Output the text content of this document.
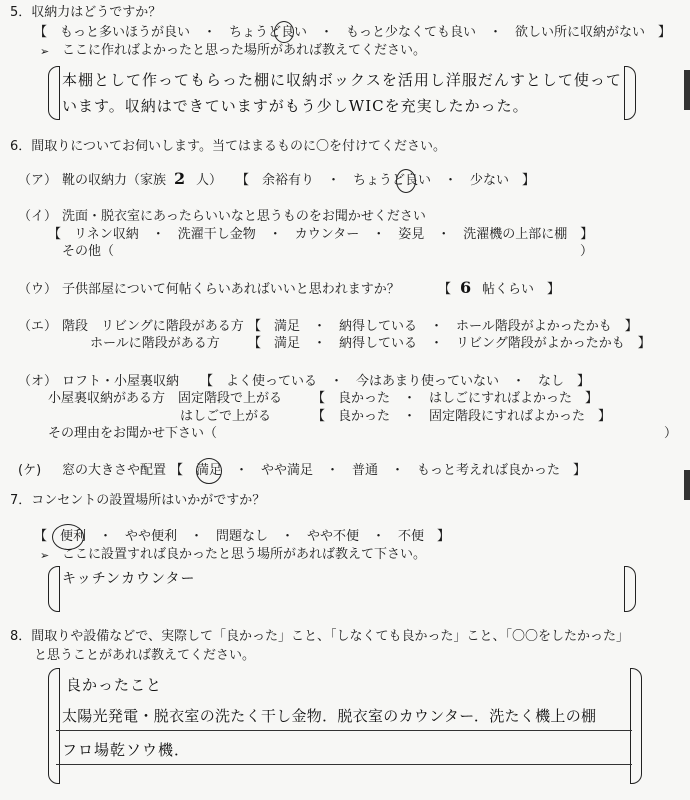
5．収納力はどうですか？
【　もっと多いほうが良い　・　ちょうど良い　・　もっと少なくても良い　・　欲しい所に収納がない　】
➢ ここに作ればよかったと思った場所があれば教えてください。
本棚として作ってもらった棚に収納ボックスを活用し洋服だんすとして使って
います。収納はできていますがもう少しWICを充実したかった。
6．間取りについてお伺いします。当てはまるものに〇を付けてください。
（ア） 靴の収納力（家族 2 人） 【　余裕有り　・　ちょうど良い　・　少ない　】
（イ） 洗面・脱衣室にあったらいいなと思うものをお聞かせください
【　リネン収納　・　洗濯干し金物　・　カウンター　・　姿見　・　洗濯機の上部に棚　】
その他（	）
（ウ） 子供部屋について何帖くらいあればいいと思われますか？	【 6 帖くらい　】
（エ） 階段　リビングに階段がある方 【　満足　・　納得している　・　ホール階段がよかったかも　】
ホールに階段がある方 【　満足　・　納得している　・　リビング階段がよかったかも　】
（オ） ロフト・小屋裏収納 【　よく使っている　・　今はあまり使っていない　・　なし　】
小屋裏収納がある方　固定階段で上がる 【　良かった　・　はしごにすればよかった　】
はしごで上がる	【　良かった　・　固定階段にすればよかった　】
その理由をお聞かせ下さい（	）
(ケ) 窓の大きさや配置 【　満足　・　やや満足　・　普通　・　もっと考えれば良かった　】
7．コンセントの設置場所はいかがですか？
【　便利　・　やや便利　・　問題なし　・　やや不便　・　不便　】
➢ ここに設置すれば良かったと思う場所があれば教えて下さい。
キッチンカウンター
8．間取りや設備などで、実際して「良かった」こと、「しなくても良かった」こと、「〇〇をしたかった」
と思うことがあれば教えてください。
良かったこと
太陽光発電・脱衣室の洗たく干し金物．脱衣室のカウンター．洗たく機上の棚
フロ場乾ソウ機．
